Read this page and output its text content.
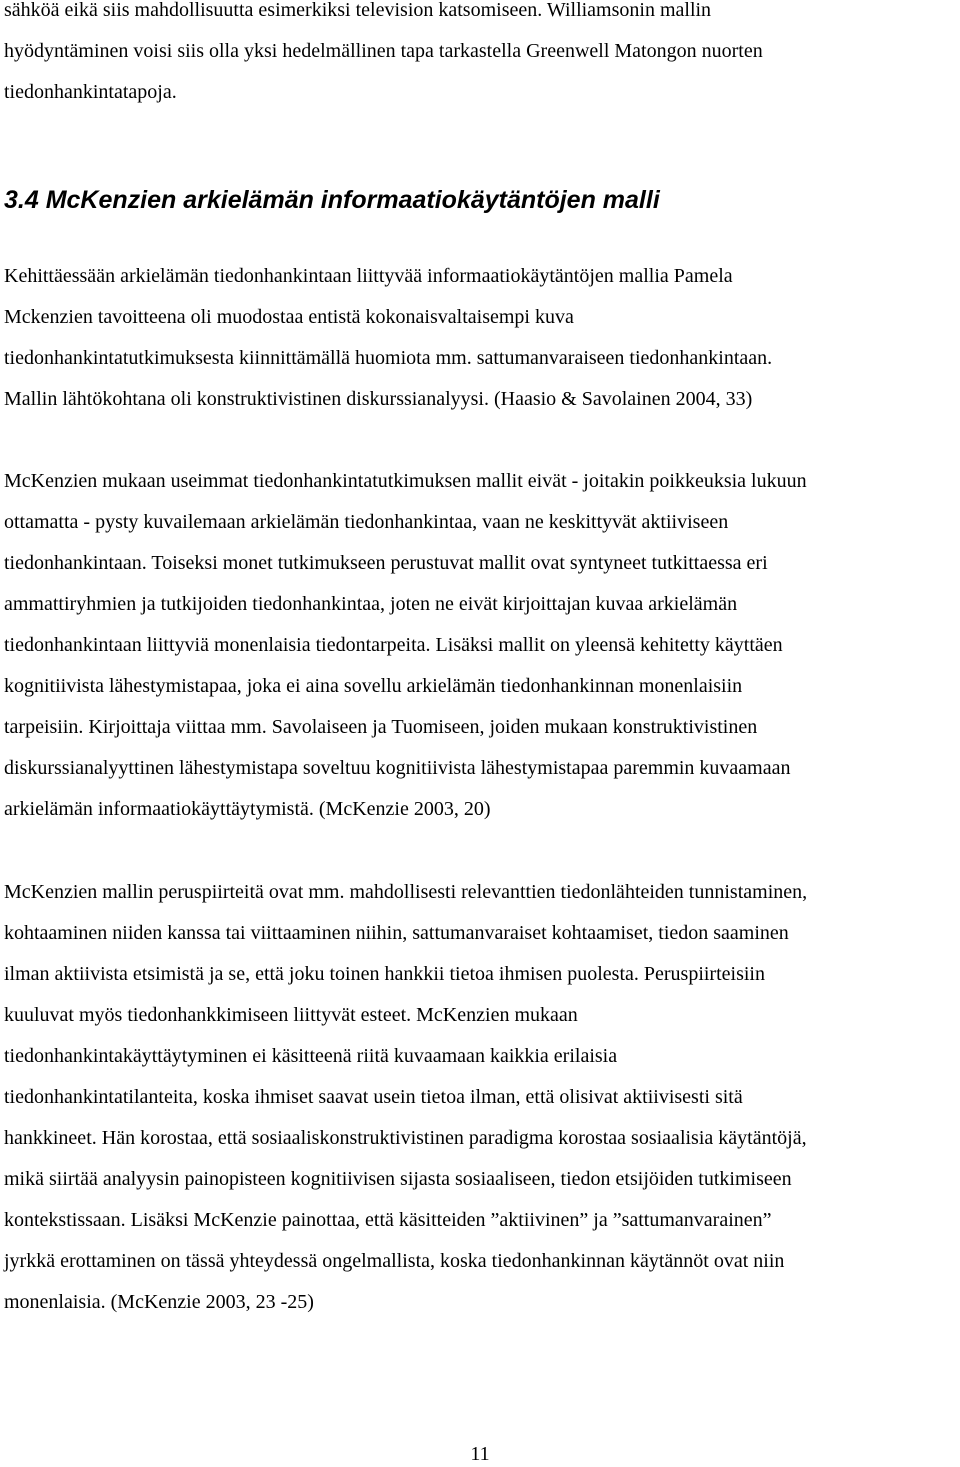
sähköä eikä siis mahdollisuutta esimerkiksi television katsomiseen. Williamsonin mallin
hyödyntäminen voisi siis olla yksi hedelmällinen tapa tarkastella Greenwell Matongon nuorten
tiedonhankintatapoja.

3.4 McKenzien arkielämän informaatiokäytäntöjen malli

Kehittäessään arkielämän tiedonhankintaan liittyvää informaatiokäytäntöjen mallia Pamela
Mckenzien tavoitteena oli muodostaa entistä kokonaisvaltaisempi kuva
tiedonhankintatutkimuksesta kiinnittämällä huomiota mm. sattumanvaraiseen tiedonhankintaan.
Mallin lähtökohtana oli konstruktivistinen diskurssianalyysi. (Haasio & Savolainen 2004, 33)

McKenzien mukaan useimmat tiedonhankintatutkimuksen mallit eivät - joitakin poikkeuksia lukuun
ottamatta - pysty kuvailemaan arkielämän tiedonhankintaa, vaan ne keskittyvät aktiiviseen
tiedonhankintaan. Toiseksi monet tutkimukseen perustuvat mallit ovat syntyneet tutkittaessa eri
ammattiryhmien ja tutkijoiden tiedonhankintaa, joten ne eivät kirjoittajan kuvaa arkielämän
tiedonhankintaan liittyviä monenlaisia tiedontarpeita. Lisäksi mallit on yleensä kehitetty käyttäen
kognitiivista lähestymistapaa, joka ei aina sovellu arkielämän tiedonhankinnan monenlaisiin
tarpeisiin. Kirjoittaja viittaa mm. Savolaiseen ja Tuomiseen, joiden mukaan konstruktivistinen
diskurssianalyyttinen lähestymistapa soveltuu kognitiivista lähestymistapaa paremmin kuvaamaan
arkielämän informaatiokäyttäytymistä. (McKenzie 2003, 20)

McKenzien mallin peruspiirteitä ovat mm. mahdollisesti relevanttien tiedonlähteiden tunnistaminen,
kohtaaminen niiden kanssa tai viittaaminen niihin, sattumanvaraiset kohtaamiset, tiedon saaminen
ilman aktiivista etsimistä ja se, että joku toinen hankkii tietoa ihmisen puolesta. Peruspiirteisiin
kuuluvat myös tiedonhankkimiseen liittyvät esteet. McKenzien mukaan
tiedonhankintakäyttäytyminen ei käsitteenä riitä kuvaamaan kaikkia erilaisia
tiedonhankintatilanteita, koska ihmiset saavat usein tietoa ilman, että olisivat aktiivisesti sitä
hankkineet. Hän korostaa, että sosiaaliskonstruktivistinen paradigma korostaa sosiaalisia käytäntöjä,
mikä siirtää analyysin painopisteen kognitiivisen sijasta sosiaaliseen, tiedon etsijöiden tutkimiseen
kontekstissaan. Lisäksi McKenzie painottaa, että käsitteiden ”aktiivinen” ja ”sattumanvarainen”
jyrkkä erottaminen on tässä yhteydessä ongelmallista, koska tiedonhankinnan käytännöt ovat niin
monenlaisia. (McKenzie 2003, 23 -25)

11
